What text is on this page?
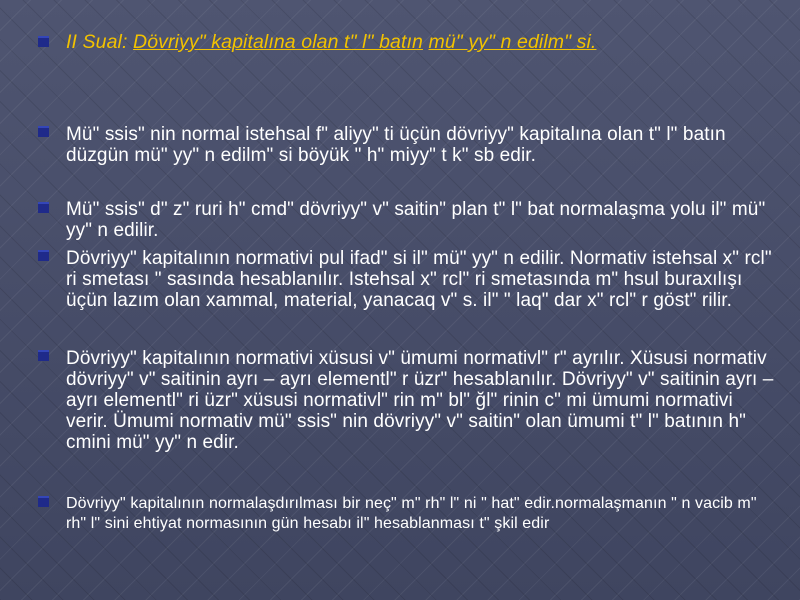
II Sual: Dövriyy" kapitalına olan t" l" batın mü" yy" n edilm" si.

Mü" ssis" nin normal istehsal f" aliyy" ti üçün dövriyy" kapitalına olan t" l" batın düzgün mü" yy" n edilm" si böyük " h" miyy" t k" sb edir.

Mü" ssis" d" z" ruri h" cmd" dövriyy" v" saitin" plan t" l" bat normalaşma yolu il" mü" yy" n edilir.

Dövriyy" kapitalının normativi pul ifad" si il" mü" yy" n edilir. Normativ istehsal x" rcl" ri smetası " sasında hesablanılır. Istehsal x" rcl" ri smetasında m" hsul buraxılışı üçün lazım olan xammal, material, yanacaq v" s. il" " laq" dar x" rcl" r göst" rilir.

Dövriyy" kapitalının normativi xüsusi v" ümumi normativl" r" ayrılır. Xüsusi normativ dövriyy" v" saitinin ayrı – ayrı elementl" r üzr" hesablanılır. Dövriyy" v" saitinin ayrı – ayrı elementl" ri üzr" xüsusi normativl" rin m" bl" ğl" rinin c" mi ümumi normativi verir. Ümumi normativ mü" ssis" nin dövriyy" v" saitin" olan ümumi t" l" batının h" cmini mü" yy" n edir.

Dövriyy" kapitalının normalaşdırılması bir neç" m" rh" l" ni " hat" edir.normalaşmanın " n vacib m" rh" l" sini ehtiyat normasının gün hesabı il" hesablanması t" şkil edir
